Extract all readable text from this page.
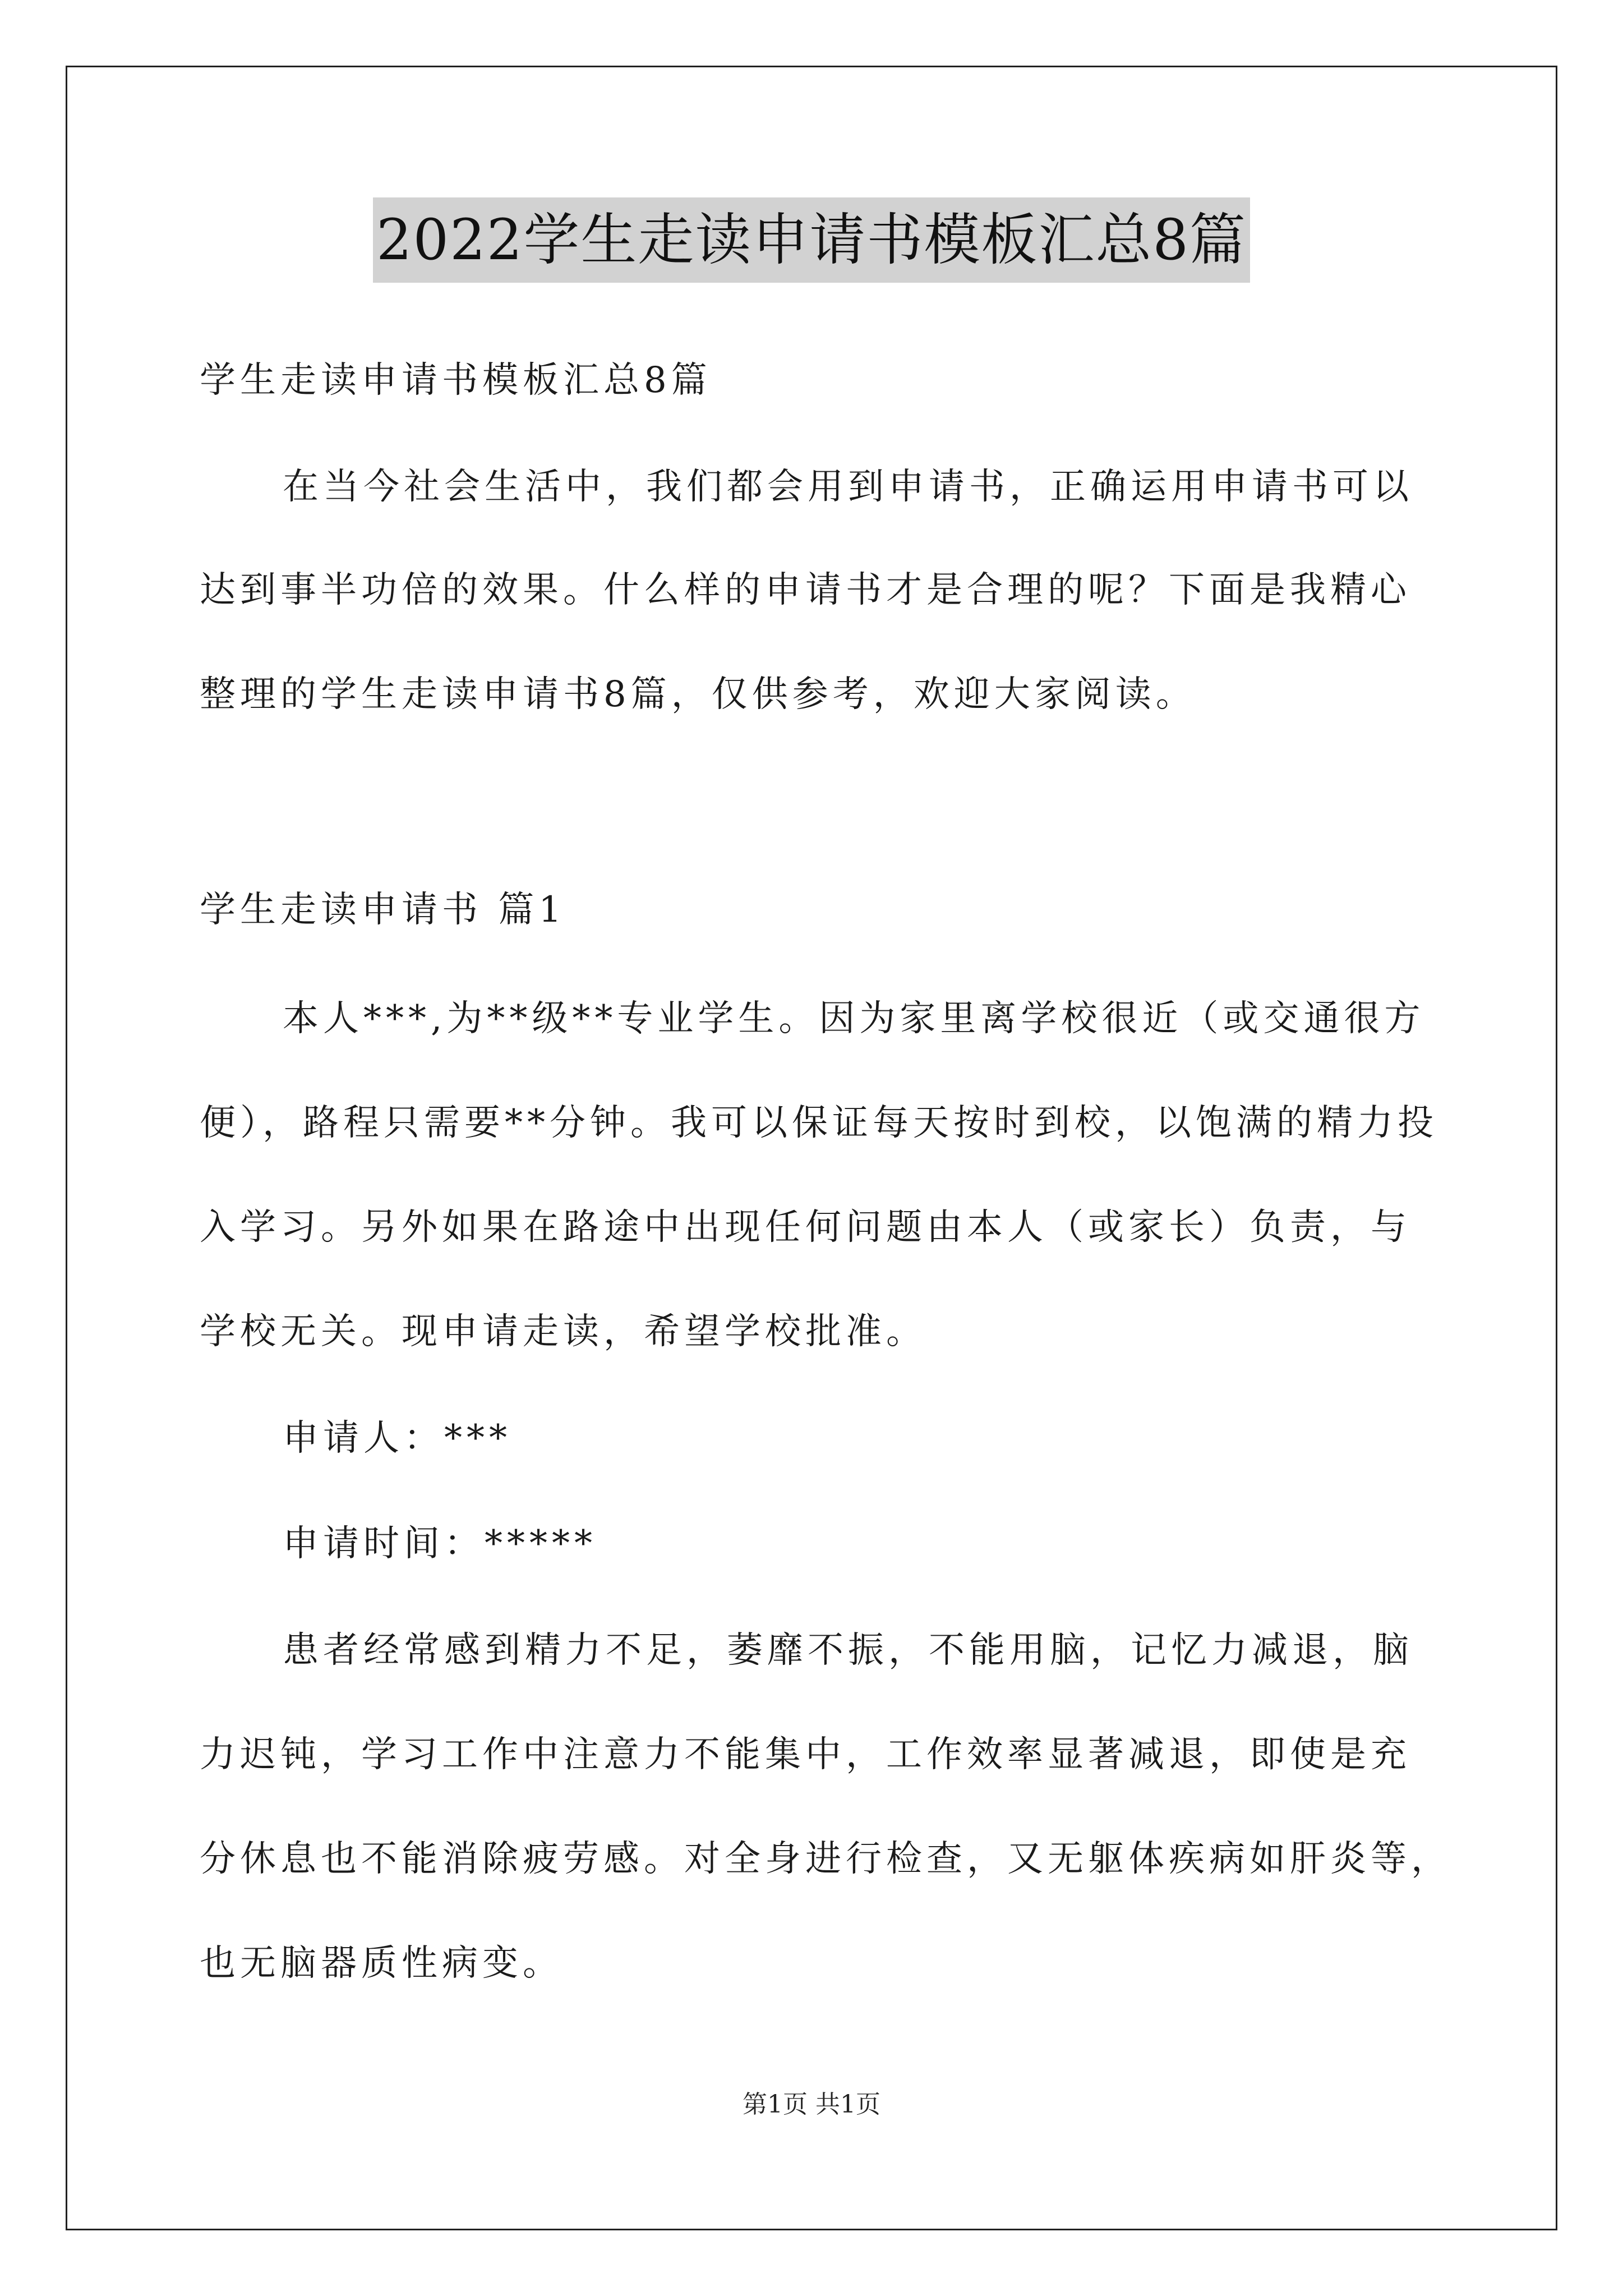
2022学生走读申请书模板汇总8篇
学生走读申请书模板汇总8篇
在当今社会生活中，我们都会用到申请书，正确运用申请书可以
达到事半功倍的效果。什么样的申请书才是合理的呢？下面是我精心
整理的学生走读申请书8篇，仅供参考，欢迎大家阅读。
学生走读申请书 篇1
本人***,为**级**专业学生。因为家里离学校很近（或交通很方
便），路程只需要**分钟。我可以保证每天按时到校，以饱满的精力投
入学习。另外如果在路途中出现任何问题由本人（或家长）负责，与
学校无关。现申请走读，希望学校批准。
申请人：***
申请时间：*****
患者经常感到精力不足，萎靡不振，不能用脑，记忆力减退，脑
力迟钝，学习工作中注意力不能集中，工作效率显著减退，即使是充
分休息也不能消除疲劳感。对全身进行检查，又无躯体疾病如肝炎等，
也无脑器质性病变。
第1页 共1页
